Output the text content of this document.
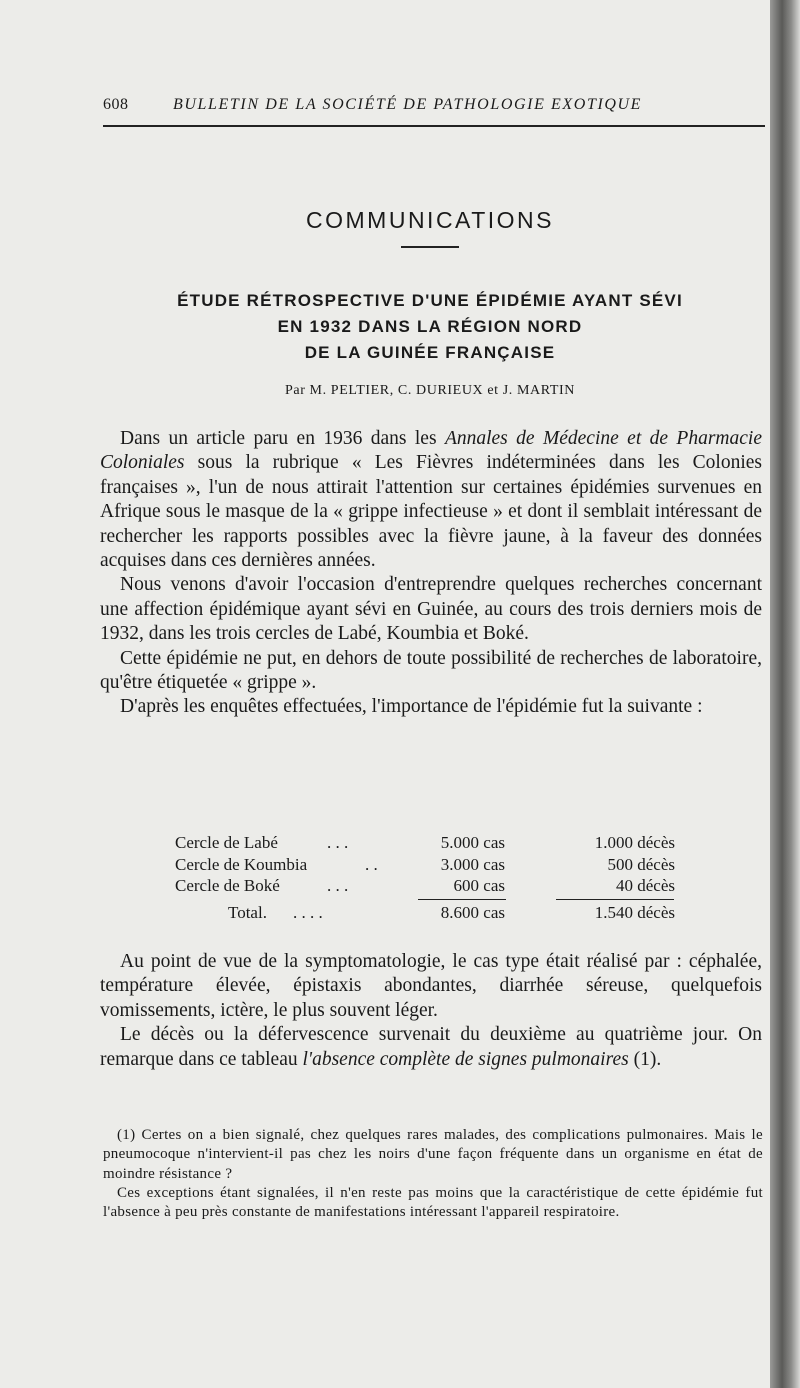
608	BULLETIN DE LA SOCIÉTÉ DE PATHOLOGIE EXOTIQUE
COMMUNICATIONS
ÉTUDE RÉTROSPECTIVE D'UNE ÉPIDÉMIE AYANT SÉVI
EN 1932 DANS LA RÉGION NORD
DE LA GUINÉE FRANÇAISE
Par M. PELTIER, C. DURIEUX et J. MARTIN

Dans un article paru en 1936 dans les Annales de Médecine et de Pharmacie Coloniales sous la rubrique « Les Fièvres indéterminées dans les Colonies françaises », l'un de nous attirait l'attention sur certaines épidémies survenues en Afrique sous le masque de la « grippe infectieuse » et dont il semblait intéressant de rechercher les rapports possibles avec la fièvre jaune, à la faveur des données acquises dans ces dernières années.

Nous venons d'avoir l'occasion d'entreprendre quelques recherches concernant une affection épidémique ayant sévi en Guinée, au cours des trois derniers mois de 1932, dans les trois cercles de Labé, Koumbia et Boké.

Cette épidémie ne put, en dehors de toute possibilité de recherches de laboratoire, qu'être étiquetée « grippe ».

D'après les enquêtes effectuées, l'importance de l'épidémie fut la suivante :

Cercle de Labé	. . .	5.000 cas	1.000 décès
Cercle de Koumbia	. .	3.000 cas	500 décès
Cercle de Boké	. . .	600 cas	40 décès
Total. . . . .	8.600 cas	1.540 décès

Au point de vue de la symptomatologie, le cas type était réalisé par : céphalée, température élevée, épistaxis abondantes, diarrhée séreuse, quelquefois vomissements, ictère, le plus souvent léger.

Le décès ou la défervescence survenait du deuxième au quatrième jour. On remarque dans ce tableau l'absence complète de signes pulmonaires (1).

(1) Certes on a bien signalé, chez quelques rares malades, des complications pulmonaires. Mais le pneumocoque n'intervient-il pas chez les noirs d'une façon fréquente dans un organisme en état de moindre résistance ?

Ces exceptions étant signalées, il n'en reste pas moins que la caractéristique de cette épidémie fut l'absence à peu près constante de manifestations intéressant l'appareil respiratoire.
